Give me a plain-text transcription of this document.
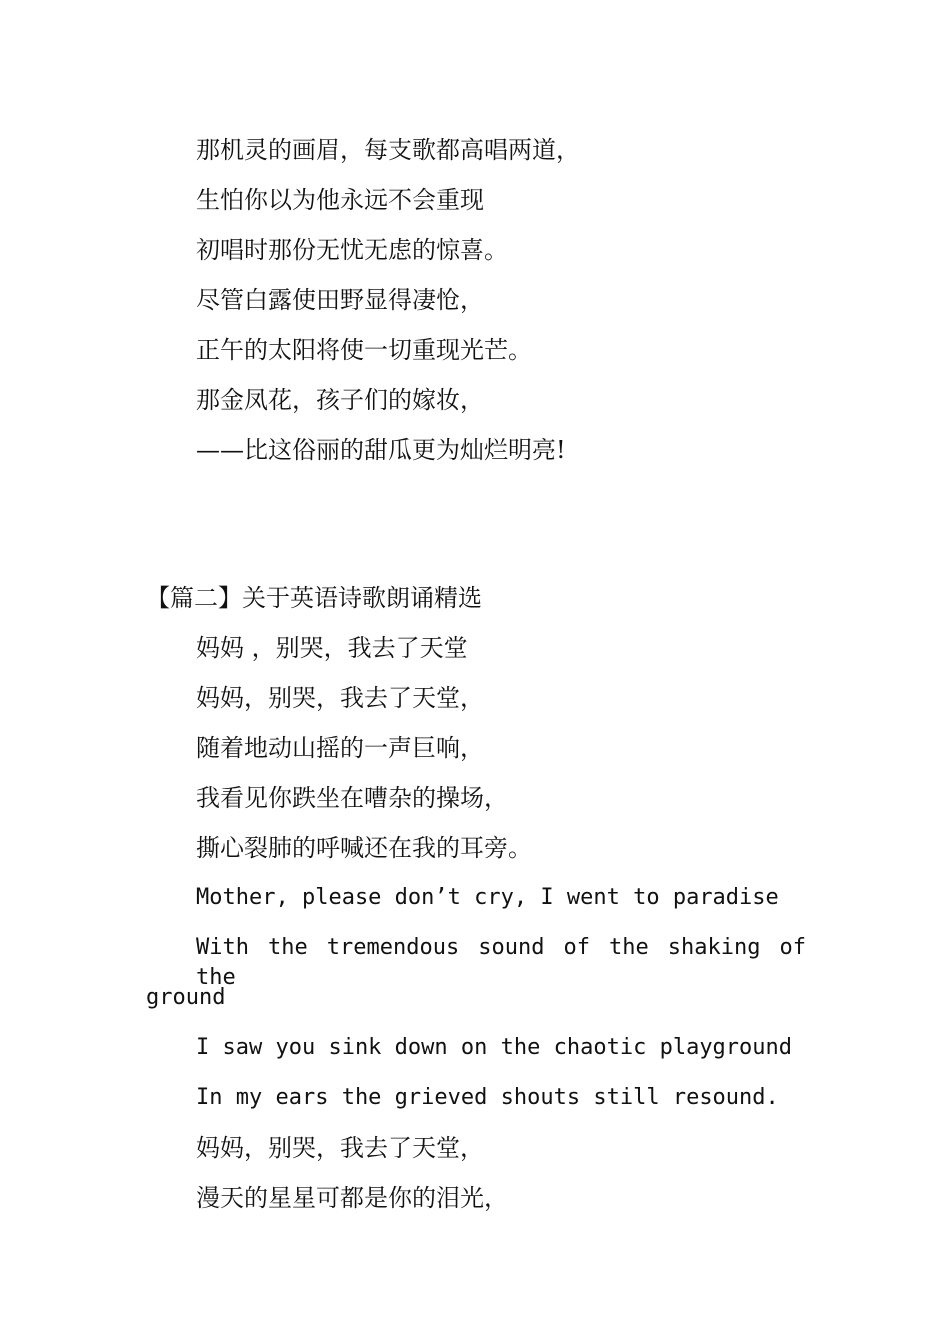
那机灵的画眉，每支歌都高唱两道，
生怕你以为他永远不会重现
初唱时那份无忧无虑的惊喜。
尽管白露使田野显得凄怆，
正午的太阳将使一切重现光芒。
那金凤花，孩子们的嫁妆，
——比这俗丽的甜瓜更为灿烂明亮!
【篇二】关于英语诗歌朗诵精选
妈妈 ，别哭，我去了天堂
妈妈，别哭，我去了天堂，
随着地动山摇的一声巨响，
我看见你跌坐在嘈杂的操场，
撕心裂肺的呼喊还在我的耳旁。
Mother, please don’t cry, I went to paradise
With the tremendous sound of the shaking of the
ground
I saw you sink down on the chaotic playground
In my ears the grieved shouts still resound.
妈妈，别哭，我去了天堂，
漫天的星星可都是你的泪光，
